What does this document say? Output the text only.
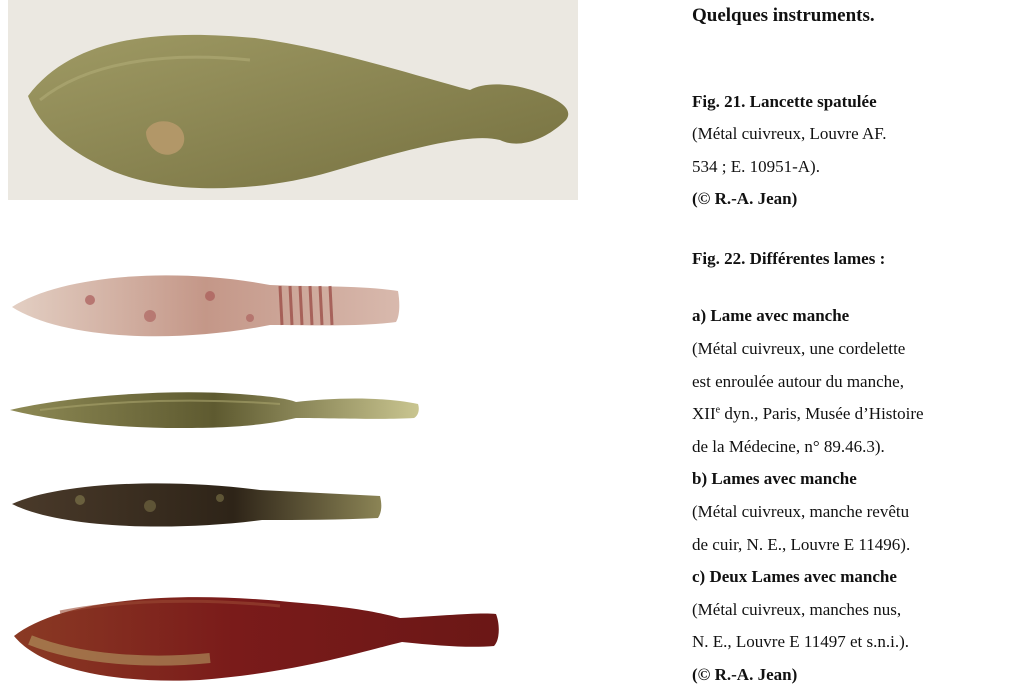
Quelques instruments.
Fig. 21. Lancette spatulée
(Métal cuivreux, Louvre AF.
534 ; E. 10951-A).
(© R.-A. Jean)
Fig. 22. Différentes lames :
a) Lame avec manche
(Métal cuivreux, une cordelette
est enroulée autour du manche,
XIIe dyn., Paris, Musée d’Histoire
de la Médecine, n° 89.46.3).
b) Lames avec manche
(Métal cuivreux, manche revêtu
de cuir, N. E., Louvre E 11496).
c) Deux Lames avec manche
(Métal cuivreux, manches nus,
N. E., Louvre E 11497 et s.n.i.).
(© R.-A. Jean)
